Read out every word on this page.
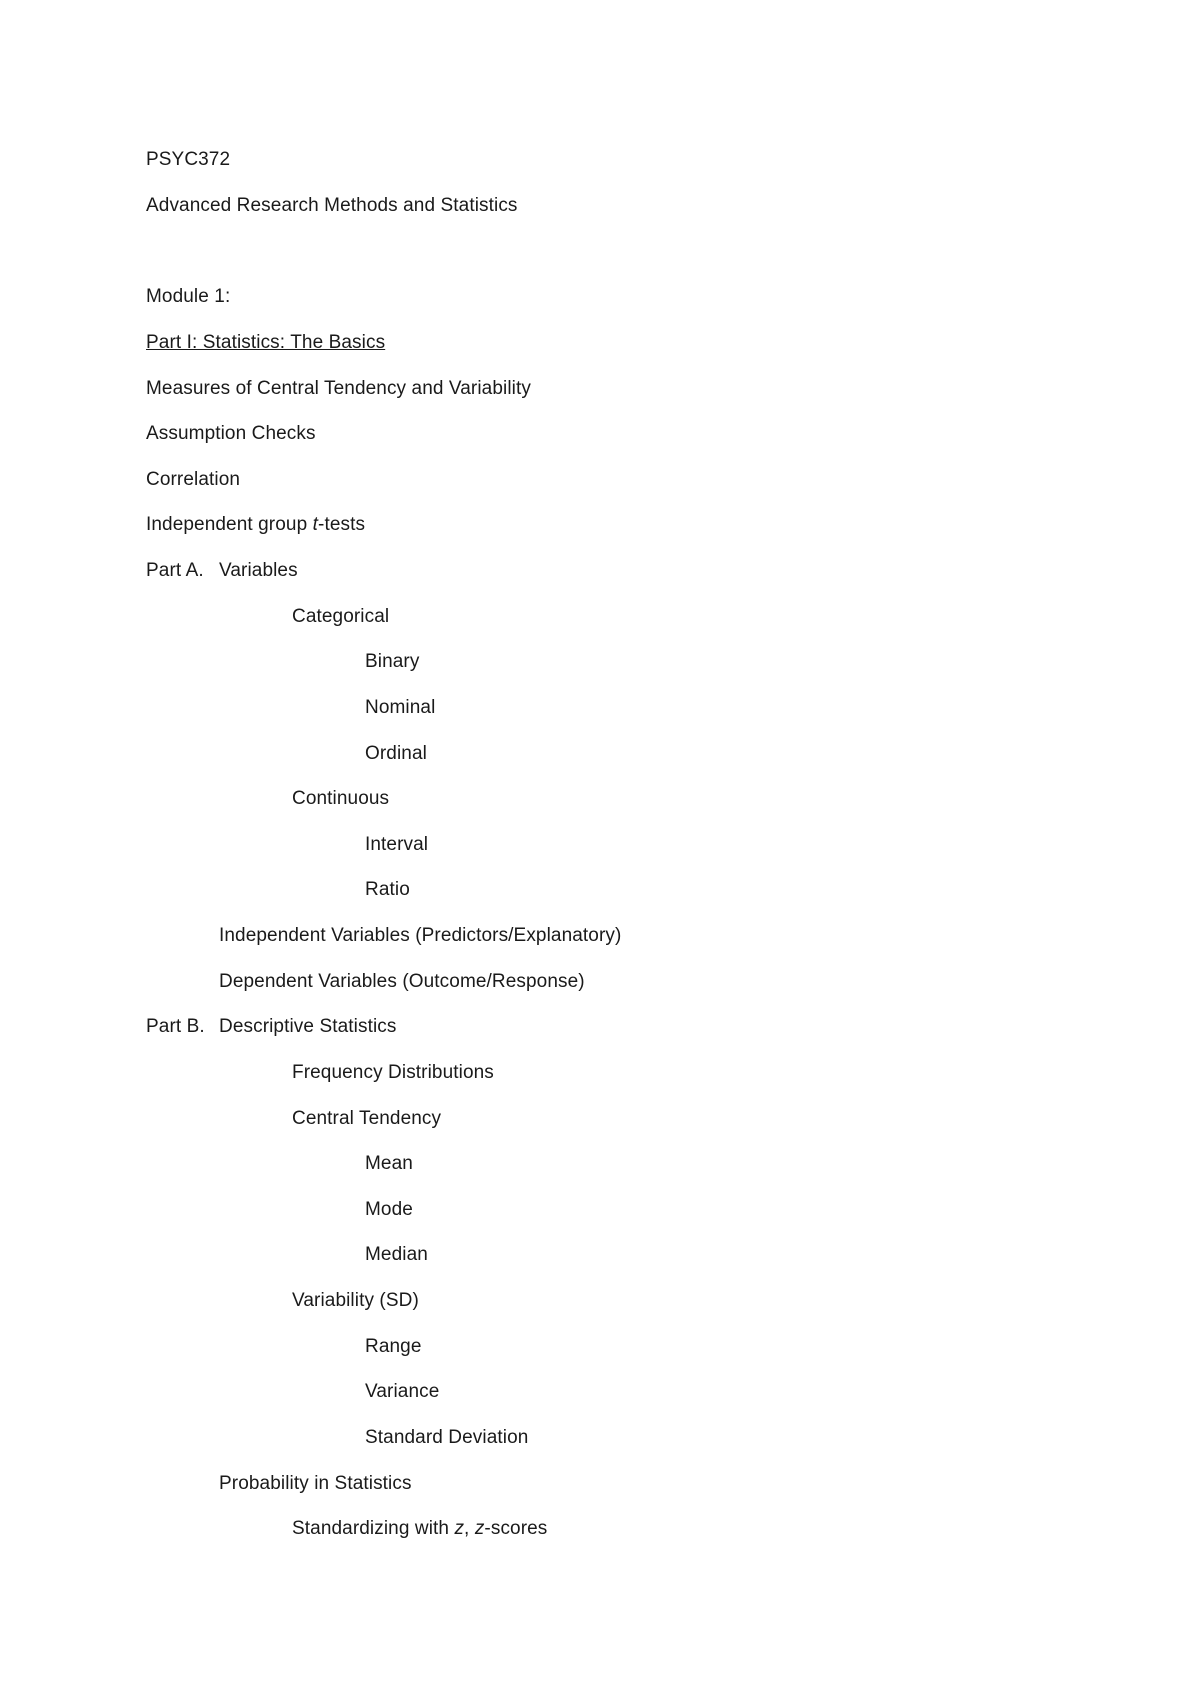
PSYC372
Advanced Research Methods and Statistics
Module 1:
Part I: Statistics: The Basics
Measures of Central Tendency and Variability
Assumption Checks
Correlation
Independent group t-tests
Part A. Variables
Categorical
Binary
Nominal
Ordinal
Continuous
Interval
Ratio
Independent Variables (Predictors/Explanatory)
Dependent Variables (Outcome/Response)
Part B. Descriptive Statistics
Frequency Distributions
Central Tendency
Mean
Mode
Median
Variability (SD)
Range
Variance
Standard Deviation
Probability in Statistics
Standardizing with z, z-scores
